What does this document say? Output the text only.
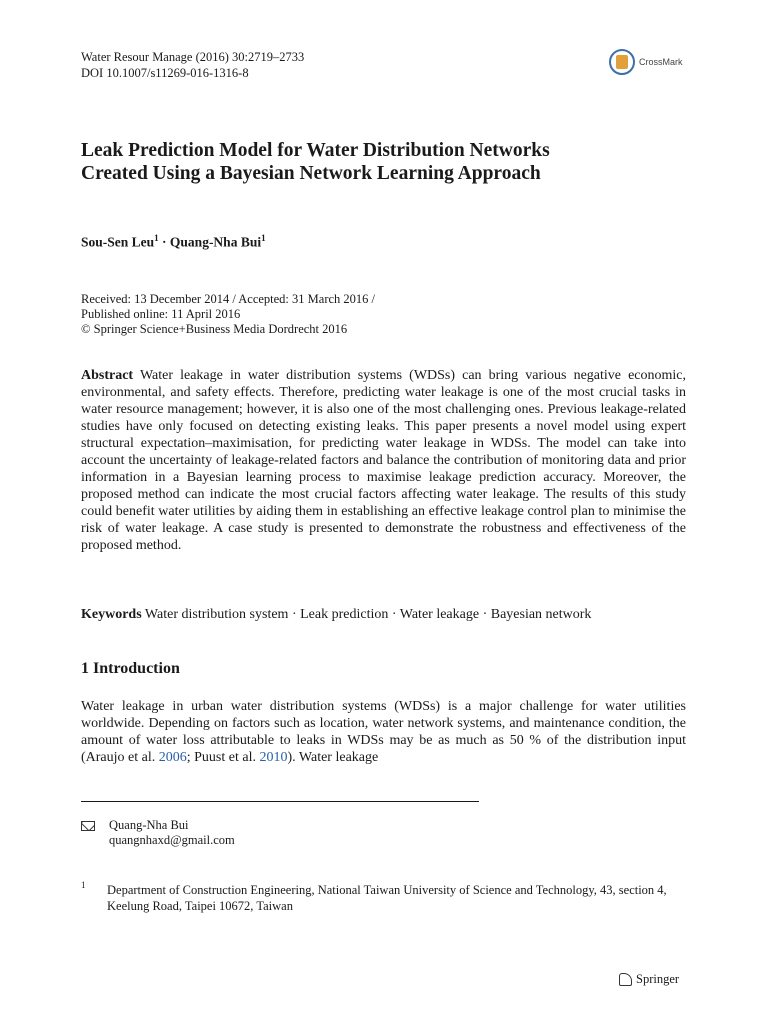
Water Resour Manage (2016) 30:2719–2733
DOI 10.1007/s11269-016-1316-8
CrossMark
Leak Prediction Model for Water Distribution Networks Created Using a Bayesian Network Learning Approach
Sou-Sen Leu$^1$ · Quang-Nha Bui$^1$
Received: 13 December 2014 / Accepted: 31 March 2016 /
Published online: 11 April 2016
© Springer Science+Business Media Dordrecht 2016
Abstract Water leakage in water distribution systems (WDSs) can bring various negative economic, environmental, and safety effects. Therefore, predicting water leakage is one of the most crucial tasks in water resource management; however, it is also one of the most challenging ones. Previous leakage-related studies have only focused on detecting existing leaks. This paper presents a novel model using expert structural expectation–maximisation, for predicting water leakage in WDSs. The model can take into account the uncertainty of leakage-related factors and balance the contribution of monitoring data and prior information in a Bayesian learning process to maximise leakage prediction accuracy. Moreover, the proposed method can indicate the most crucial factors affecting water leakage. The results of this study could benefit water utilities by aiding them in establishing an effective leakage control plan to minimise the risk of water leakage. A case study is presented to demonstrate the robustness and effectiveness of the proposed method.
Keywords Water distribution system · Leak prediction · Water leakage · Bayesian network
1 Introduction
Water leakage in urban water distribution systems (WDSs) is a major challenge for water utilities worldwide. Depending on factors such as location, water network systems, and maintenance condition, the amount of water loss attributable to leaks in WDSs may be as much as 50 % of the distribution input (Araujo et al. 2006; Puust et al. 2010). Water leakage
Quang-Nha Bui
quangnhaxd@gmail.com
1 Department of Construction Engineering, National Taiwan University of Science and Technology, 43, section 4, Keelung Road, Taipei 10672, Taiwan
Springer
